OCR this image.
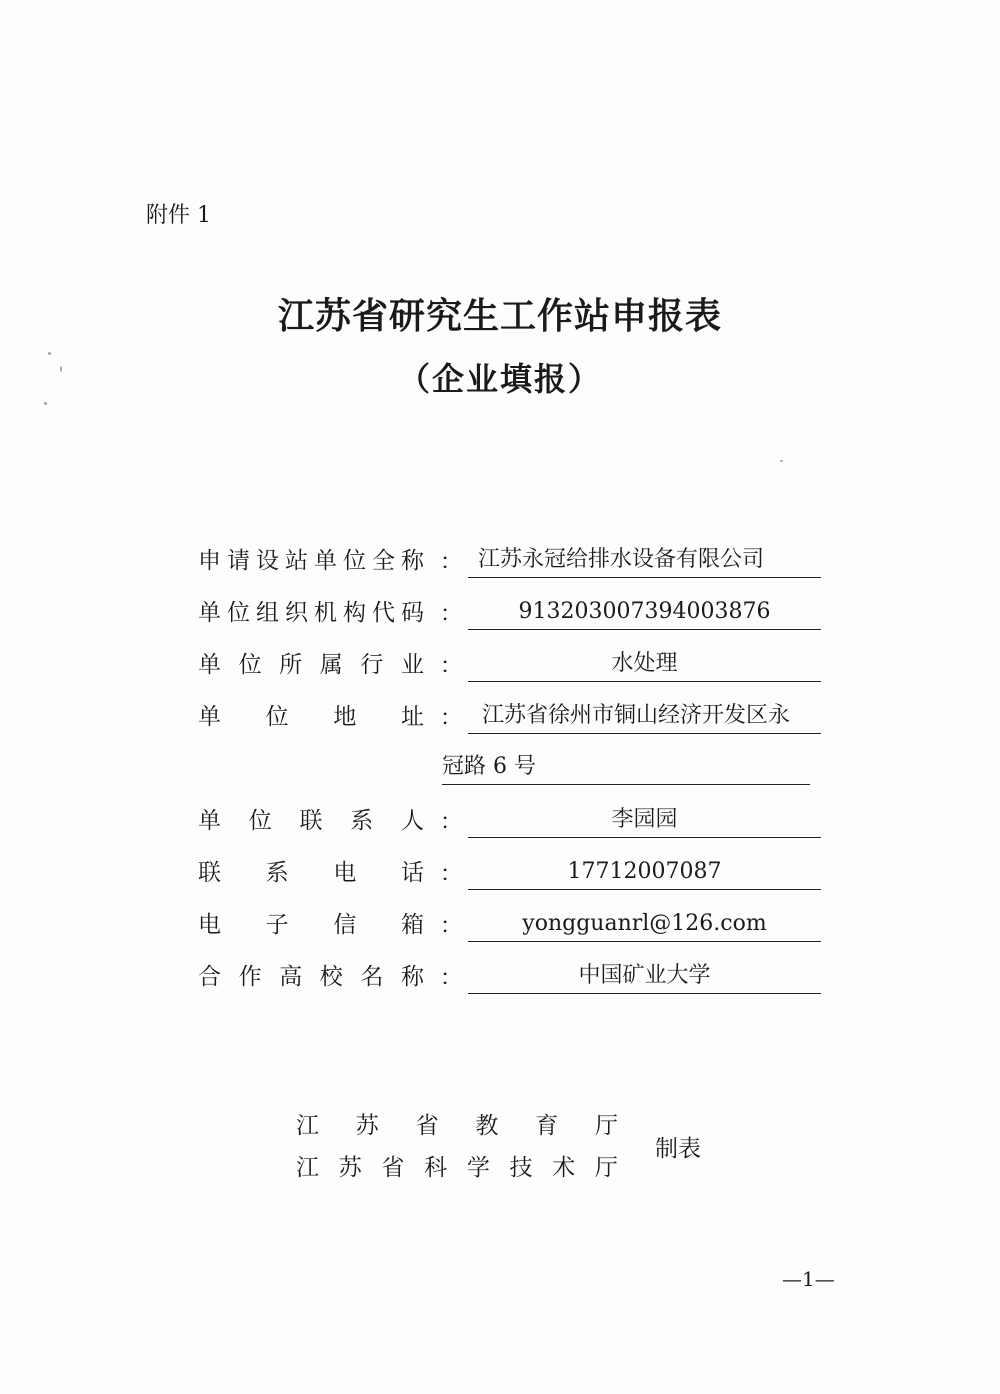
附件 1
江苏省研究生工作站申报表
（企业填报）
申 请 设 站 单 位 全 称 ： 江苏永冠给排水设备有限公司
单 位 组 织 机 构 代 码 ：	913203007394003876
单 位 所 属 行 业 ：	水处理
单 位 地 址 ： 江苏省徐州市铜山经济开发区永
冠路 6 号
单 位 联 系 人 ：	李园园
联 系 电 话 ：	17712007087
电 子 信 箱 ：	yongguanrl@126.com
合 作 高 校 名 称 ：	中国矿业大学
江 苏 省 教 育 厅
江 苏 省 科 学 技 术 厅
制表
—1—
